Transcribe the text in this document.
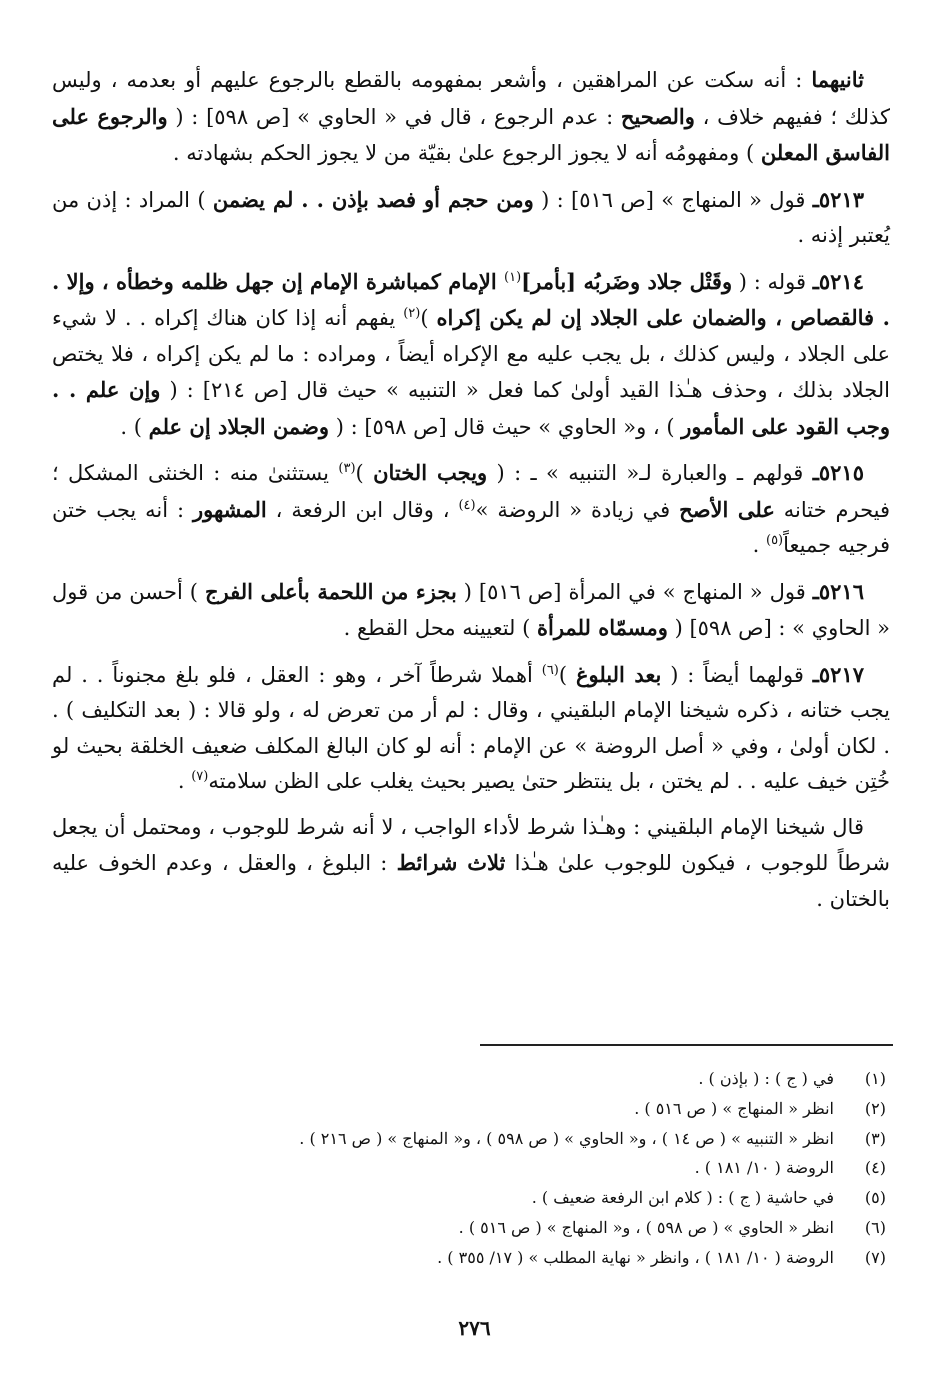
ثانيهما : أنه سكت عن المراهقين ، وأشعر بمفهومه بالقطع بالرجوع عليهم أو بعدمه ، وليس كذلك ؛ ففيهم خلاف ، والصحيح : عدم الرجوع ، قال في « الحاوي » [ص ٥٩٨] : ( والرجوع على الفاسق المعلن ) ومفهومُه أنه لا يجوز الرجوع علىٰ بقيّة من لا يجوز الحكم بشهادته .

٥٢١٣ـ قول « المنهاج » [ص ٥١٦] : ( ومن حجم أو فصد بإذن . . لم يضمن ) المراد : إذن من يُعتبر إذنه .

٥٢١٤ـ قوله : ( وقَتْل جلاد وضَربُه [بأمر]$^{(١)}$ الإمام كمباشرة الإمام إن جهل ظلمه وخطأه ، وإلا . . فالقصاص ، والضمان على الجلاد إن لم يكن إكراه )$^{(٢)}$ يفهم أنه إذا كان هناك إكراه . . لا شيء على الجلاد ، وليس كذلك ، بل يجب عليه مع الإكراه أيضاً ، ومراده : ما لم يكن إكراه ، فلا يختص الجلاد بذلك ، وحذف هـٰذا القيد أولىٰ كما فعل « التنبيه » حيث قال [ص ٢١٤] : ( وإن علم . . وجب القود على المأمور ) ، و« الحاوي » حيث قال [ص ٥٩٨] : ( وضمن الجلاد إن علم ) .

٥٢١٥ـ قولهم ـ والعبارة لـ« التنبيه » ـ : ( ويجب الختان )$^{(٣)}$ يستثنىٰ منه : الخنثى المشكل ؛ فيحرم ختانه على الأصح في زيادة « الروضة »$^{(٤)}$ ، وقال ابن الرفعة ، المشهور : أنه يجب ختن فرجيه جميعاً$^{(٥)}$ .

٥٢١٦ـ قول « المنهاج » في المرأة [ص ٥١٦] ( بجزء من اللحمة بأعلى الفرج ) أحسن من قول « الحاوي » : [ص ٥٩٨] ( ومسمّاه للمرأة ) لتعيينه محل القطع .

٥٢١٧ـ قولهما أيضاً : ( بعد البلوغ )$^{(٦)}$ أهملا شرطاً آخر ، وهو : العقل ، فلو بلغ مجنوناً . . لم يجب ختانه ، ذكره شيخنا الإمام البلقيني ، وقال : لم أر من تعرض له ، ولو قالا : ( بعد التكليف ) . . لكان أولىٰ ، وفي « أصل الروضة » عن الإمام : أنه لو كان البالغ المكلف ضعيف الخلقة بحيث لو خُتِن خيف عليه . . لم يختن ، بل ينتظر حتىٰ يصير بحيث يغلب على الظن سلامته$^{(٧)}$ .

قال شيخنا الإمام البلقيني : وهـٰذا شرط لأداء الواجب ، لا أنه شرط للوجوب ، ومحتمل أن يجعل شرطاً للوجوب ، فيكون للوجوب علىٰ هـٰذا ثلاث شرائط : البلوغ ، والعقل ، وعدم الخوف عليه بالختان .

(١)
في ( ج ) : ( بإذن ) .
(٢)
انظر « المنهاج » ( ص ٥١٦ ) .
(٣)
انظر « التنبيه » ( ص ١٤ ) ، و« الحاوي » ( ص ٥٩٨ ) ، و« المنهاج » ( ص ٢١٦ ) .
(٤)
الروضة ( ١٠/ ١٨١ ) .
(٥)
في حاشية ( ج ) : ( كلام ابن الرفعة ضعيف ) .
(٦)
انظر « الحاوي » ( ص ٥٩٨ ) ، و« المنهاج » ( ص ٥١٦ ) .
(٧)
الروضة ( ١٠/ ١٨١ ) ، وانظر « نهاية المطلب » ( ١٧/ ٣٥٥ ) .
٢٧٦
